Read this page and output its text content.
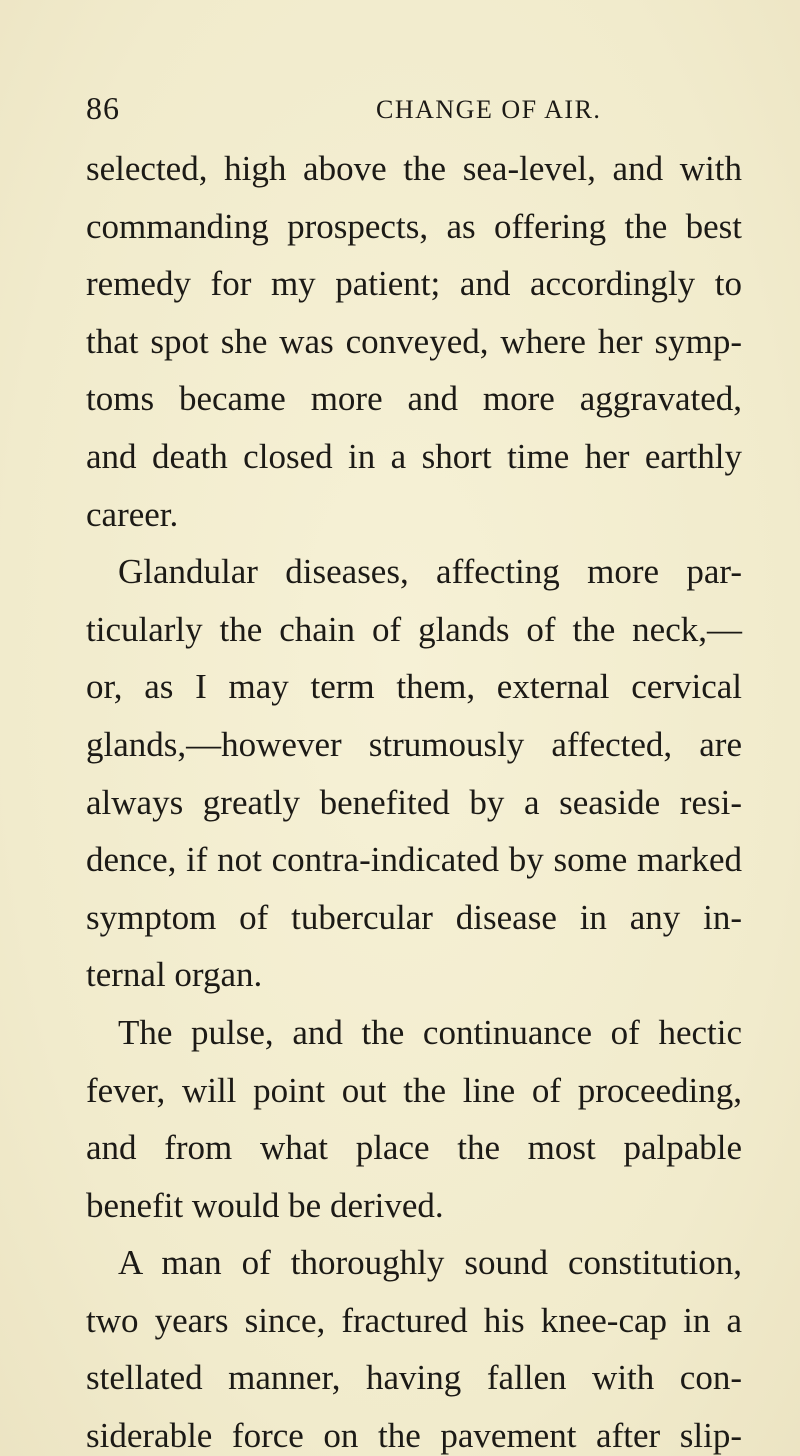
86	CHANGE OF AIR.
selected, high above the sea-level, and with
commanding prospects, as offering the best
remedy for my patient; and accordingly to
that spot she was conveyed, where her symp-
toms became more and more aggravated,
and death closed in a short time her earthly
career.
Glandular diseases, affecting more par-
ticularly the chain of glands of the neck,—
or, as I may term them, external cervical
glands,—however strumously affected, are
always greatly benefited by a seaside resi-
dence, if not contra-indicated by some marked
symptom of tubercular disease in any in-
ternal organ.
The pulse, and the continuance of hectic
fever, will point out the line of proceeding,
and from what place the most palpable
benefit would be derived.
A man of thoroughly sound constitution,
two years since, fractured his knee-cap in a
stellated manner, having fallen with con-
siderable force on the pavement after slip-
